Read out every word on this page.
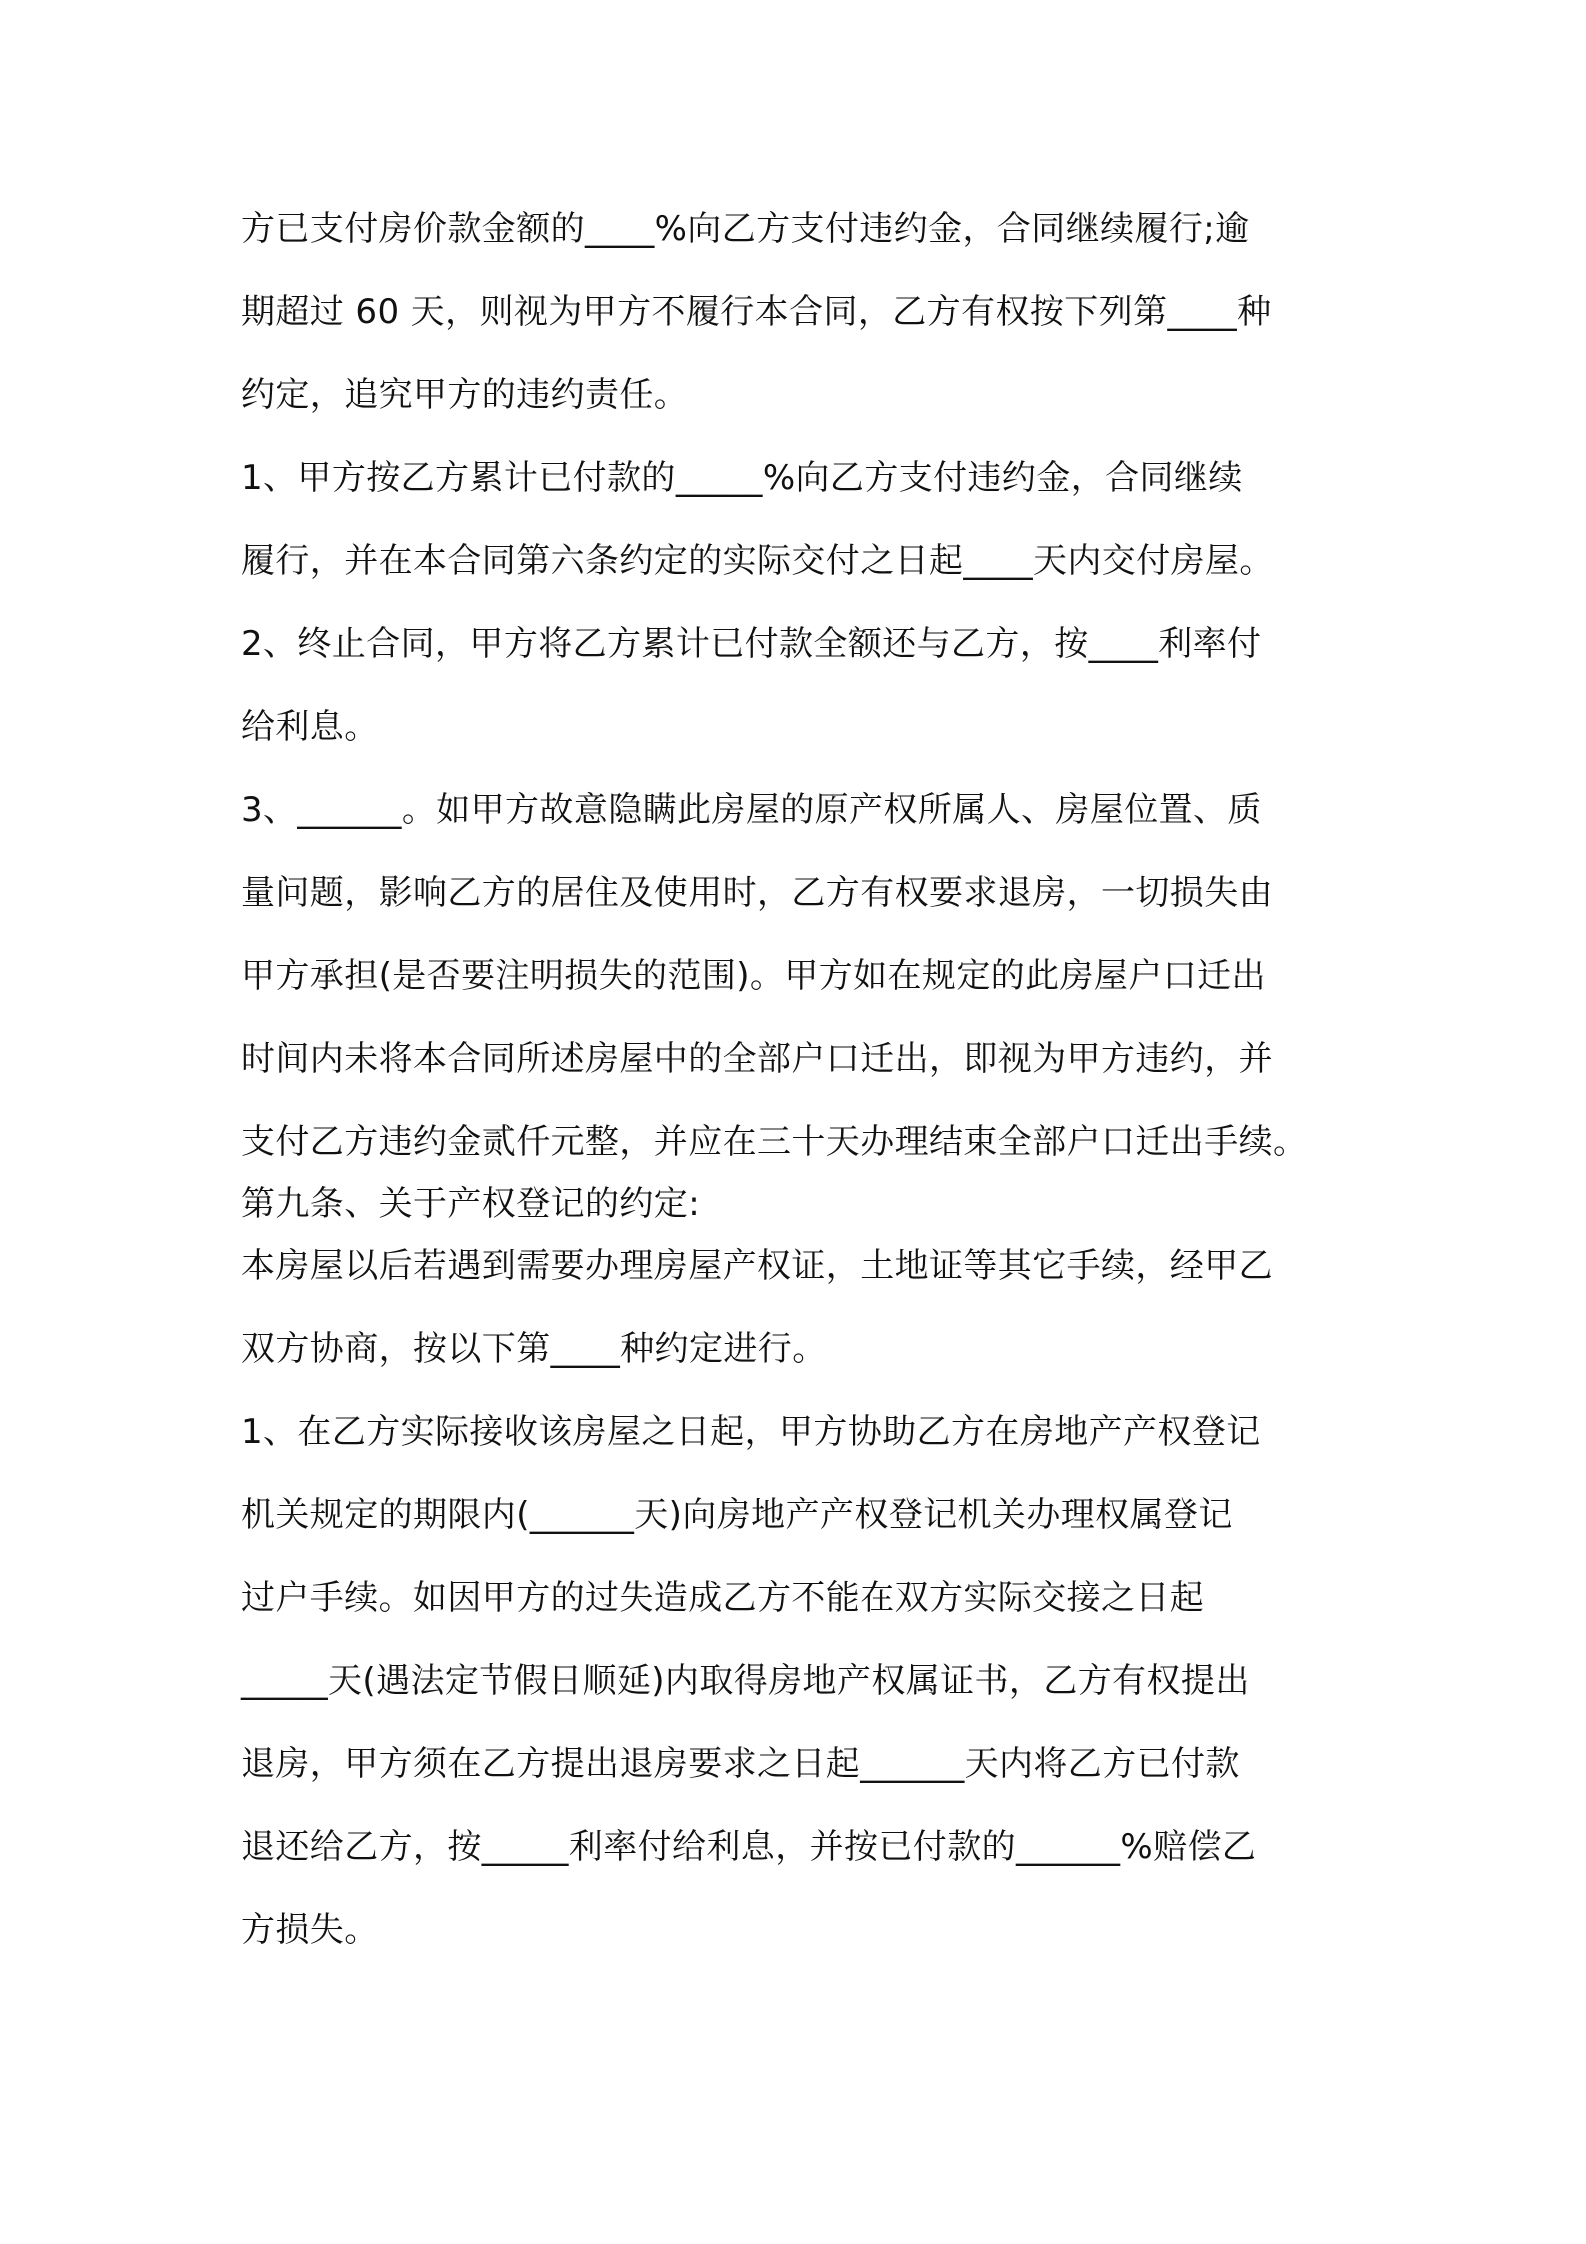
方已支付房价款金额的____%向乙方支付违约金，合同继续履行;逾
期超过 60 天，则视为甲方不履行本合同，乙方有权按下列第____种
约定，追究甲方的违约责任。
1、甲方按乙方累计已付款的_____%向乙方支付违约金，合同继续
履行，并在本合同第六条约定的实际交付之日起____天内交付房屋。
2、终止合同，甲方将乙方累计已付款全额还与乙方，按____利率付
给利息。
3、______。如甲方故意隐瞒此房屋的原产权所属人、房屋位置、质
量问题，影响乙方的居住及使用时，乙方有权要求退房，一切损失由
甲方承担(是否要注明损失的范围)。甲方如在规定的此房屋户口迁出
时间内未将本合同所述房屋中的全部户口迁出，即视为甲方违约，并
支付乙方违约金贰仟元整，并应在三十天办理结束全部户口迁出手续。
第九条、关于产权登记的约定:
本房屋以后若遇到需要办理房屋产权证，土地证等其它手续，经甲乙
双方协商，按以下第____种约定进行。
1、在乙方实际接收该房屋之日起，甲方协助乙方在房地产产权登记
机关规定的期限内(______天)向房地产产权登记机关办理权属登记
过户手续。如因甲方的过失造成乙方不能在双方实际交接之日起
_____天(遇法定节假日顺延)内取得房地产权属证书，乙方有权提出
退房，甲方须在乙方提出退房要求之日起______天内将乙方已付款
退还给乙方，按_____利率付给利息，并按已付款的______%赔偿乙
方损失。
